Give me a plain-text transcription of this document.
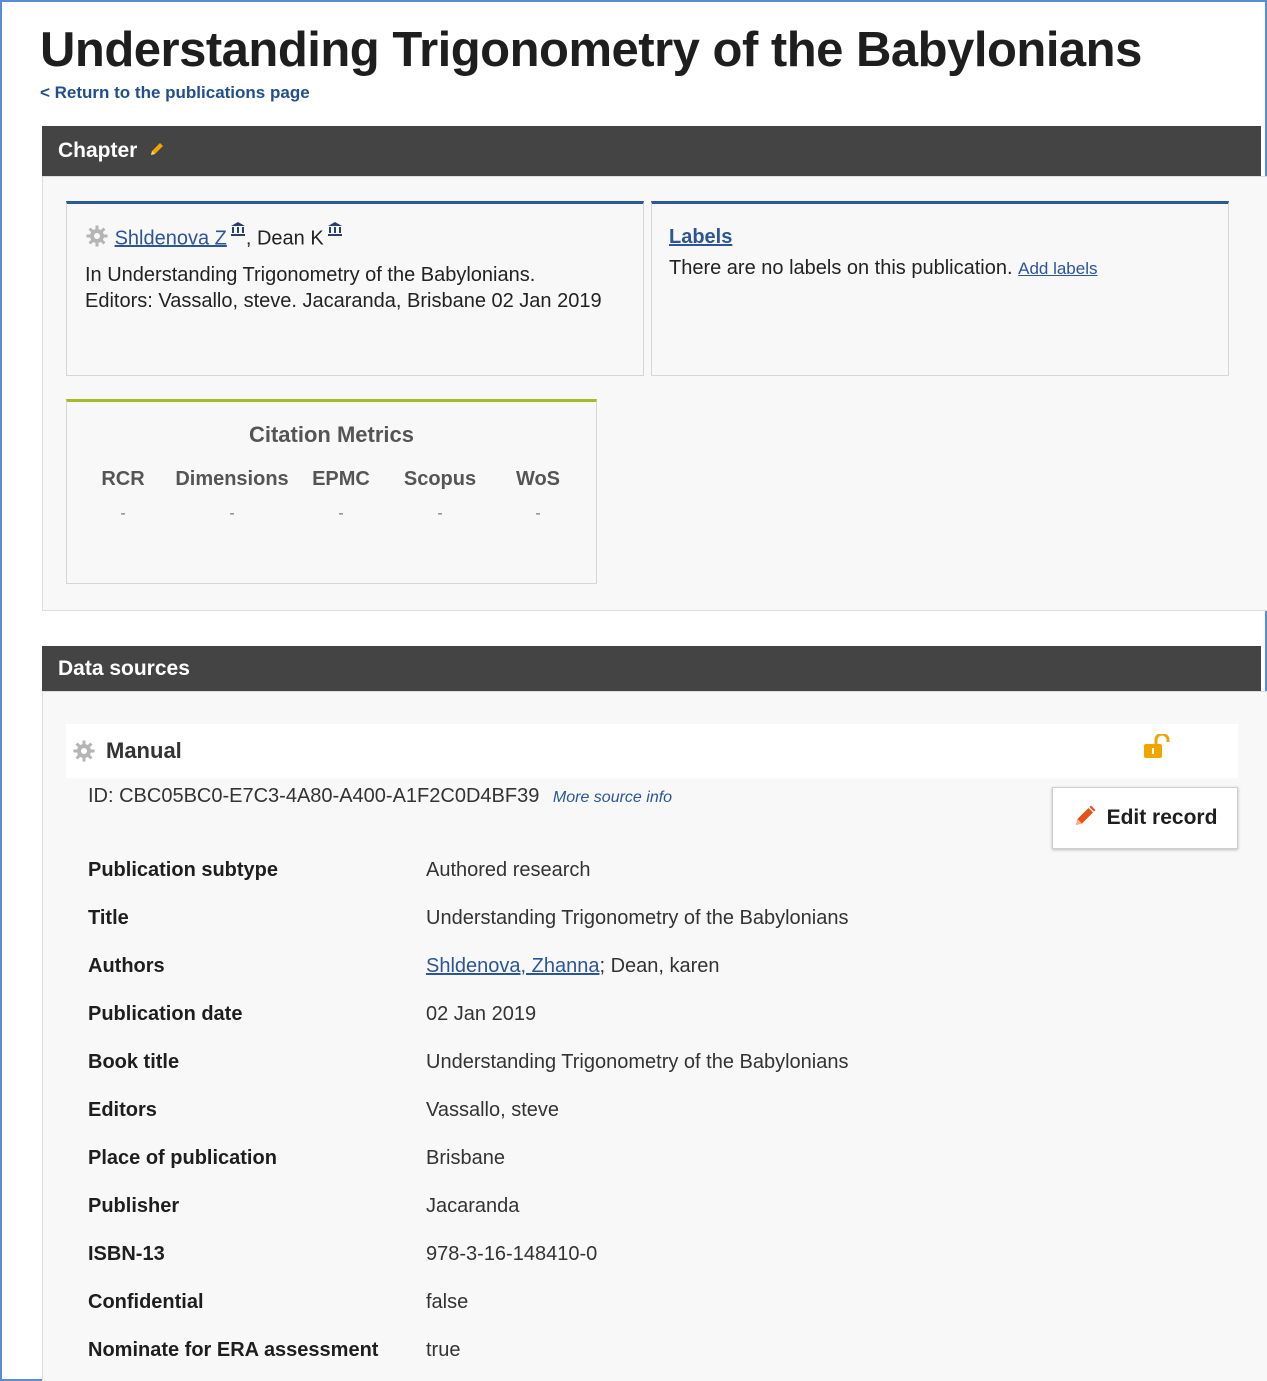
Understanding Trigonometry of the Babylonians
< Return to the publications page
Chapter
Shldenova Z , Dean K
In Understanding Trigonometry of the Babylonians. Editors: Vassallo, steve. Jacaranda, Brisbane 02 Jan 2019
Labels
There are no labels on this publication. Add labels
Citation Metrics
RCR	Dimensions	EPMC	Scopus	WoS
-	-	-	-	-
Data sources
Manual
ID: CBC05BC0-E7C3-4A80-A400-A1F2C0D4BF39 More source info
Edit record
Publication subtype	Authored research
Title	Understanding Trigonometry of the Babylonians
Authors	Shldenova, Zhanna; Dean, karen
Publication date	02 Jan 2019
Book title	Understanding Trigonometry of the Babylonians
Editors	Vassallo, steve
Place of publication	Brisbane
Publisher	Jacaranda
ISBN-13	978-3-16-148410-0
Confidential	false
Nominate for ERA assessment true
